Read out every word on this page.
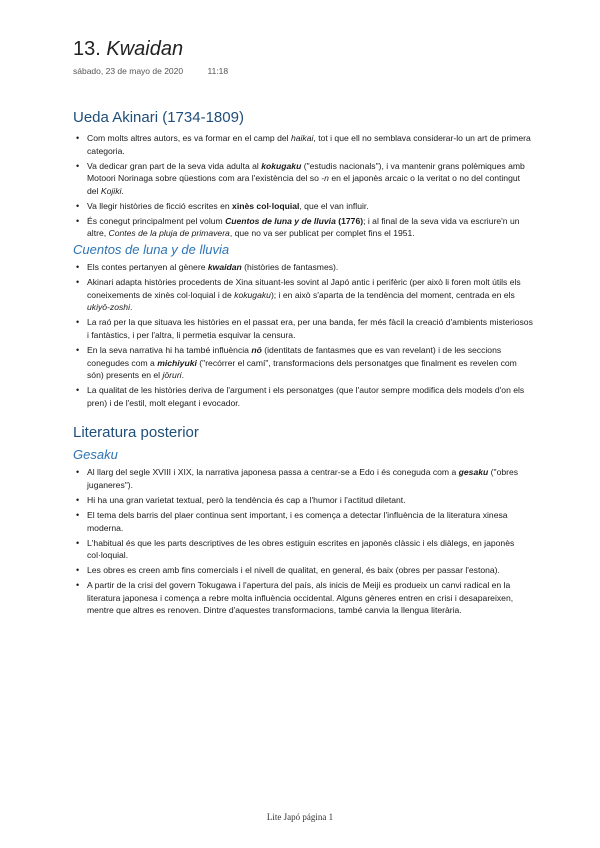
13. Kwaidan
sábado, 23 de mayo de 2020	11:18
Ueda Akinari (1734-1809)
• Com molts altres autors, es va formar en el camp del haikai, tot i que ell no semblava considerar-lo un art de primera categoria.
• Va dedicar gran part de la seva vida adulta al kokugaku ("estudis nacionals"), i va mantenir grans polèmiques amb Motoori Norinaga sobre qüestions com ara l'existència del so -n en el japonès arcaic o la veritat o no del contingut del Kojiki.
• Va llegir històries de ficció escrites en xinès col·loquial, que el van influir.
• És conegut principalment pel volum Cuentos de luna y de lluvia (1776); i al final de la seva vida va escriure'n un altre, Contes de la pluja de primavera, que no va ser publicat per complet fins el 1951.
Cuentos de luna y de lluvia
• Els contes pertanyen al gènere kwaidan (històries de fantasmes).
• Akinari adapta històries procedents de Xina situant-les sovint al Japó antic i perifèric (per això li foren molt útils els coneixements de xinès col·loquial i de kokugaku); i en això s'aparta de la tendència del moment, centrada en els ukiyō-zoshi.
• La raó per la que situava les històries en el passat era, per una banda, fer més fàcil la creació d'ambients misteriosos i fantàstics, i per l'altra, li permetia esquivar la censura.
• En la seva narrativa hi ha també influència nō (identitats de fantasmes que es van revelant) i de les seccions conegudes com a michiyuki ("recórrer el camí", transformacions dels personatges que finalment es revelen com són) presents en el jōruri.
• La qualitat de les històries deriva de l'argument i els personatges (que l'autor sempre modifica dels models d'on els pren) i de l'estil, molt elegant i evocador.
Literatura posterior
Gesaku
• Al llarg del segle XVIII i XIX, la narrativa japonesa passa a centrar-se a Edo i és coneguda com a gesaku ("obres juganeres").
• Hi ha una gran varietat textual, però la tendència és cap a l'humor i l'actitud diletant.
• El tema dels barris del plaer continua sent important, i es comença a detectar l'influència de la literatura xinesa moderna.
• L'habitual és que les parts descriptives de les obres estiguin escrites en japonès clàssic i els diàlegs, en japonès col·loquial.
• Les obres es creen amb fins comercials i el nivell de qualitat, en general, és baix (obres per passar l'estona).
• A partir de la crisi del govern Tokugawa i l'apertura del país, als inicis de Meiji es produeix un canvi radical en la literatura japonesa i comença a rebre molta influència occidental. Alguns gèneres entren en crisi i desapareixen, mentre que altres es renoven. Dintre d'aquestes transformacions, també canvia la llengua literària.
Lite Japó página 1
